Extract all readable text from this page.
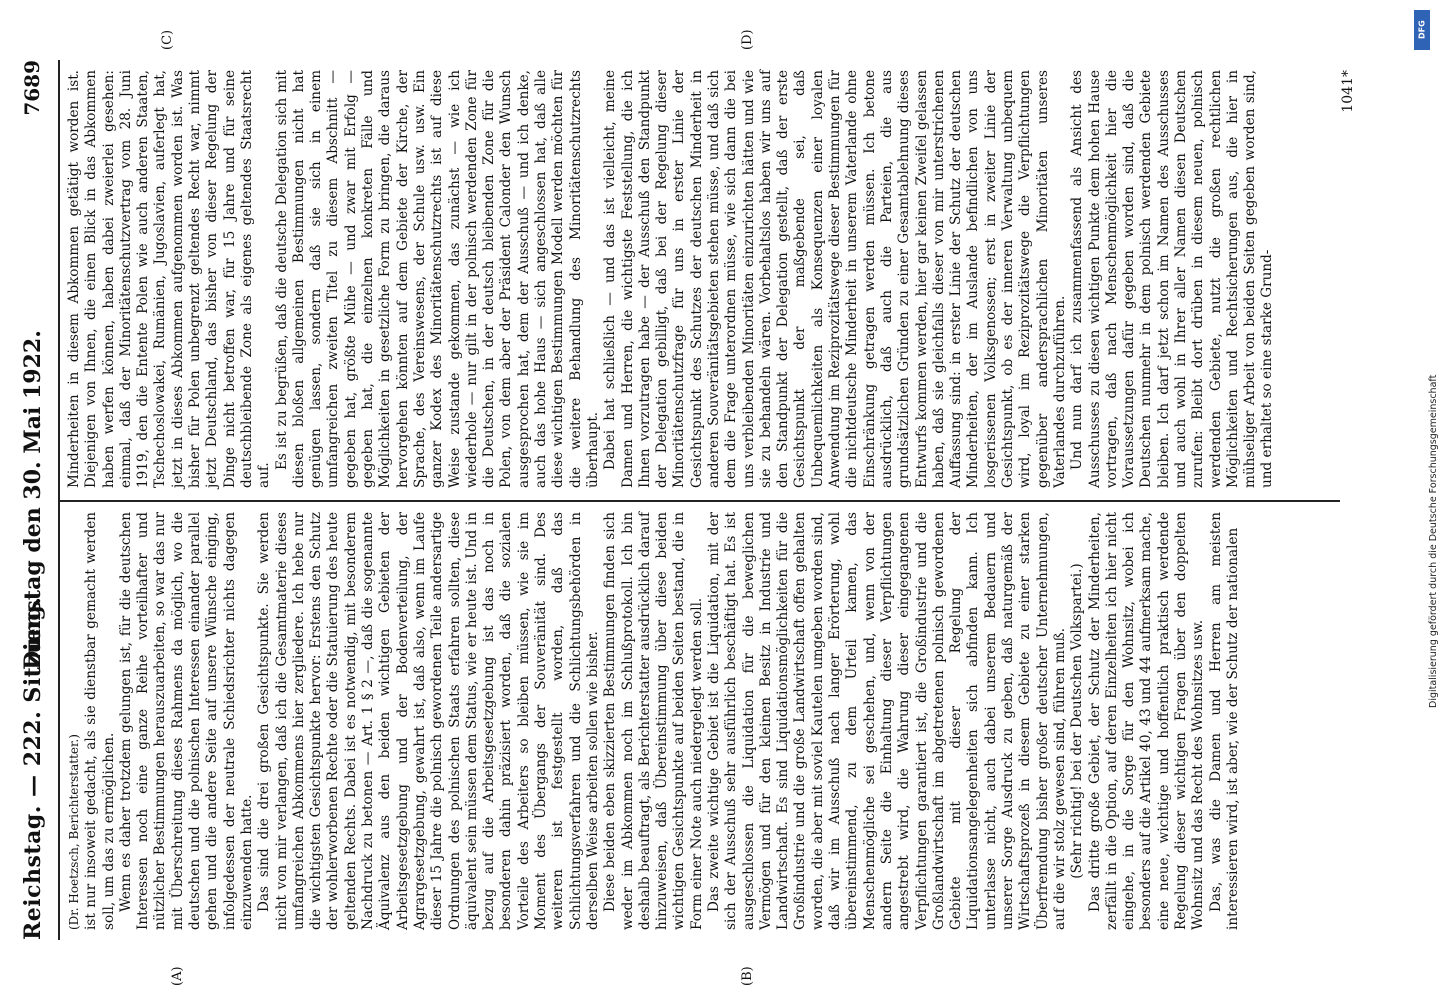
Reichstag. — 222. Sitzung.
Dienstag den 30. Mai 1922.
7689
(A)	(B)
(C)	(D)

(Dr. Hoetzsch, Berichterstatter.) ist nur insoweit gedacht, als sie dienstbar gemacht werden soll, um das zu ermöglichen. Wenn es daher trotzdem gelungen ist, für die deutschen Interessen noch eine ganze Reihe vorteilhafter und nützlicher Bestimmungen herauszuarbeiten, so war das nur mit Überschreitung dieses Rahmens da möglich, wo die deutschen und die polnischen Interessen einander parallel gehen und die andere Seite auf unsere Wünsche einging, infolgedessen der neutrale Schiedsrichter nichts dagegen einzuwenden hatte. Das sind die drei großen Gesichtspunkte. Sie werden nicht von mir verlangen, daß ich die Gesamtmaterie dieses umfangreichen Abkommens hier zergliedere. Ich hebe nur die wichtigsten Gesichtspunkte hervor: Erstens den Schutz der wohlerworbenen Rechte oder die Statuierung des heute geltenden Rechts. Dabei ist es notwendig, mit besonderem Nachdruck zu betonen — Art. 1 § 2 —, daß die sogenannte Äquivalenz aus den beiden wichtigen Gebieten der Arbeitsgesetzgebung und der Bodenverteilung, der Agrargesetzgebung, gewahrt ist, daß also, wenn im Laufe dieser 15 Jahre die polnisch gewordenen Teile andersartige Ordnungen des polnischen Staats erfahren sollten, diese äquivalent sein müssen dem Status, wie er heute ist. Und in bezug auf die Arbeitsgesetzgebung ist das noch in besonderen dahin präzisiert worden, daß die sozialen Vorteile des Arbeiters so bleiben müssen, wie sie im Moment des Übergangs der Souveränität sind. Des weiteren ist festgestellt worden, daß das Schlichtungsverfahren und die Schlichtungsbehörden in derselben Weise arbeiten sollen wie bisher. Diese beiden eben skizzierten Bestimmungen finden sich weder im Abkommen noch im Schlußprotokoll. Ich bin deshalb beauftragt, als Berichterstatter ausdrücklich darauf hinzuweisen, daß Übereinstimmung über diese beiden wichtigen Gesichtspunkte auf beiden Seiten bestand, die in Form einer Note auch niedergelegt werden soll. Das zweite wichtige Gebiet ist die Liquidation, mit der sich der Ausschuß sehr ausführlich beschäftigt hat. Es ist ausgeschlossen die Liquidation für die beweglichen Vermögen und für den kleinen Besitz in Industrie und Landwirtschaft. Es sind Liquidationsmöglichkeiten für die Großindustrie und die große Landwirtschaft offen gehalten worden, die aber mit soviel Kautelen umgeben worden sind, daß wir im Ausschuß nach langer Erörterung, wohl übereinstimmend, zu dem Urteil kamen, das Menschenmögliche sei geschehen, und, wenn von der andern Seite die Einhaltung dieser Verpflichtungen angestrebt wird, die Wahrung dieser eingegangenen Verpflichtungen garantiert ist, die Großindustrie und die Großlandwirtschaft im abgetretenen polnisch gewordenen Gebiete mit dieser Regelung der Liquidationsangelegenheiten sich abfinden kann. Ich unterlasse nicht, auch dabei unserem Bedauern und unserer Sorge Ausdruck zu geben, daß naturgemäß der Wirtschaftsprozeß in diesem Gebiete zu einer starken Überfremdung bisher großer deutscher Unternehmungen, auf die wir stolz gewesen sind, führen muß. (Sehr richtig! bei der Deutschen Volkspartei.) Das dritte große Gebiet, der Schutz der Minderheiten, zerfällt in die Option, auf deren Einzelheiten ich hier nicht eingehe, in die Sorge für den Wohnsitz, wobei ich besonders auf die Artikel 40, 43 und 44 aufmerksam mache, eine neue, wichtige und hoffentlich praktisch werdende Regelung dieser wichtigen Fragen über den doppelten Wohnsitz und das Recht des Wohnsitzes usw. Das, was die Damen und Herren am meisten interessieren wird, ist aber, wie der Schutz der nationalen

Minderheiten in diesem Abkommen getätigt worden ist. Diejenigen von Ihnen, die einen Blick in das Abkommen haben werfen können, haben dabei zweierlei gesehen: einmal, daß der Minoritätenschutzvertrag vom 28. Juni 1919, den die Entente Polen wie auch anderen Staaten, Tschechoslowakei, Rumänien, Jugoslavien, auferlegt hat, jetzt in dieses Abkommen aufgenommen worden ist. Was bisher für Polen unbegrenzt geltendes Recht war, nimmt jetzt Deutschland, das bisher von dieser Regelung der Dinge nicht betroffen war, für 15 Jahre und für seine deutschbleibende Zone als eigenes geltendes Staatsrecht auf.

Es ist zu begrüßen, daß die deutsche Delegation sich mit diesen bloßen allgemeinen Bestimmungen nicht hat genügen lassen, sondern daß sie sich in einem umfangreichen zweiten Titel zu diesem Abschnitt — gegeben hat, größte Mühe — und zwar mit Erfolg — gegeben hat, die einzelnen konkreten Fälle und Möglichkeiten in gesetzliche Form zu bringen, die daraus hervorgehen könnten auf dem Gebiete der Kirche, der Sprache, des Vereinswesens, der Schule usw. usw. Ein ganzer Kodex des Minoritätenschutzrechts ist auf diese Weise zustande gekommen, das zunächst — wie ich wiederhole — nur gilt in der polnisch werdenden Zone für die Deutschen, in der deutsch bleibenden Zone für die Polen, von dem aber der Präsident Calonder den Wunsch ausgesprochen hat, dem der Ausschuß — und ich denke, auch das hohe Haus — sich angeschlossen hat, daß alle diese wichtigen Bestimmungen Modell werden möchten für die weitere Behandlung des Minoritätenschutzrechts überhaupt. Dabei hat schließlich — und das ist vielleicht, meine Damen und Herren, die wichtigste Feststellung, die ich Ihnen vorzutragen habe — der Ausschuß den Standpunkt der Delegation gebilligt, daß bei der Regelung dieser Minoritätenschutzfrage für uns in erster Linie der Gesichtspunkt des Schutzes der deutschen Minderheit in anderen Souveränitätsgebieten stehen müsse, und daß sich dem die Frage unterordnen müsse, wie sich dann die bei uns verbleibenden Minoritäten einzurichten hätten und wie sie zu behandeln wären. Vorbehaltslos haben wir uns auf den Standpunkt der Delegation gestellt, daß der erste Gesichtspunkt der maßgebende sei, daß Unbequemlichkeiten als Konsequenzen einer loyalen Anwendung im Reziprozitätswege dieser Bestimmungen für die nichtdeutsche Minderheit in unserem Vaterlande ohne Einschränkung getragen werden müssen. Ich betone ausdrücklich, daß auch die Parteien, die aus grundsätzlichen Gründen zu einer Gesamtablehnung dieses Entwurfs kommen werden, hier gar keinen Zweifel gelassen haben, daß sie gleichfalls dieser von mir unterstrichenen Auffassung sind: in erster Linie der Schutz der deutschen Minderheiten, der im Auslande befindlichen von uns losgerissenen Volksgenossen; erst in zweiter Linie der Gesichtspunkt, ob es der inneren Verwaltung unbequem wird, loyal im Reziprozitätswege die Verpflichtungen gegenüber andersprachlichen Minoritäten unseres Vaterlandes durchzuführen. Und nun darf ich zusammenfassend als Ansicht des Ausschusses zu diesen wichtigen Punkte dem hohen Hause vortragen, daß nach Menschenmöglichkeit hier die Voraussetzungen dafür gegeben worden sind, daß die Deutschen nunmehr in dem polnisch werdenden Gebiete bleiben. Ich darf jetzt schon im Namen des Ausschusses und auch wohl in Ihrer aller Namen diesen Deutschen zurufen: Bleibt dort drüben in diesem neuen, polnisch werdenden Gebiete, nutzt die großen rechtlichen Möglichkeiten und Rechtsicherungen aus, die hier in mühseliger Arbeit von beiden Seiten gegeben worden sind, und erhaltet so eine starke Grund-

1041*
DFG
Digitalisierung gefördert durch die Deutsche Forschungsgemeinschaft
